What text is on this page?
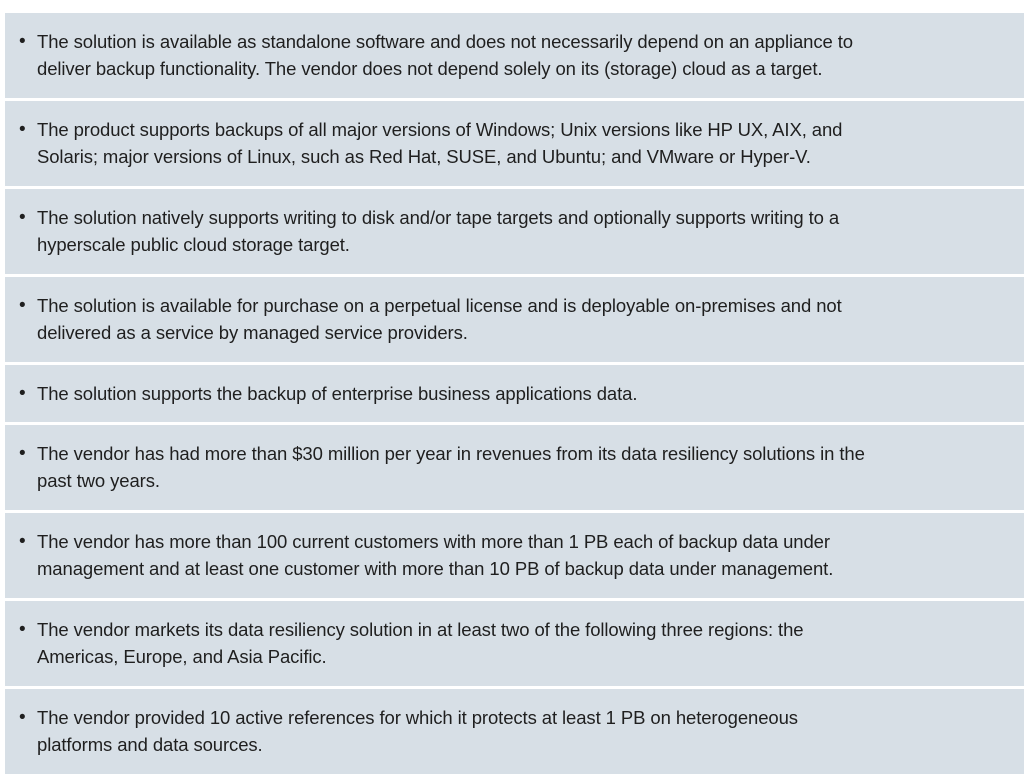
• The solution is available as standalone software and does not necessarily depend on an appliance to
deliver backup functionality. The vendor does not depend solely on its (storage) cloud as a target.
• The product supports backups of all major versions of Windows; Unix versions like HP UX, AIX, and
Solaris; major versions of Linux, such as Red Hat, SUSE, and Ubuntu; and VMware or Hyper-V.
• The solution natively supports writing to disk and/or tape targets and optionally supports writing to a
hyperscale public cloud storage target.
• The solution is available for purchase on a perpetual license and is deployable on-premises and not
delivered as a service by managed service providers.
• The solution supports the backup of enterprise business applications data.
• The vendor has had more than $30 million per year in revenues from its data resiliency solutions in the
past two years.
• The vendor has more than 100 current customers with more than 1 PB each of backup data under
management and at least one customer with more than 10 PB of backup data under management.
• The vendor markets its data resiliency solution in at least two of the following three regions: the
Americas, Europe, and Asia Pacific.
• The vendor provided 10 active references for which it protects at least 1 PB on heterogeneous
platforms and data sources.
